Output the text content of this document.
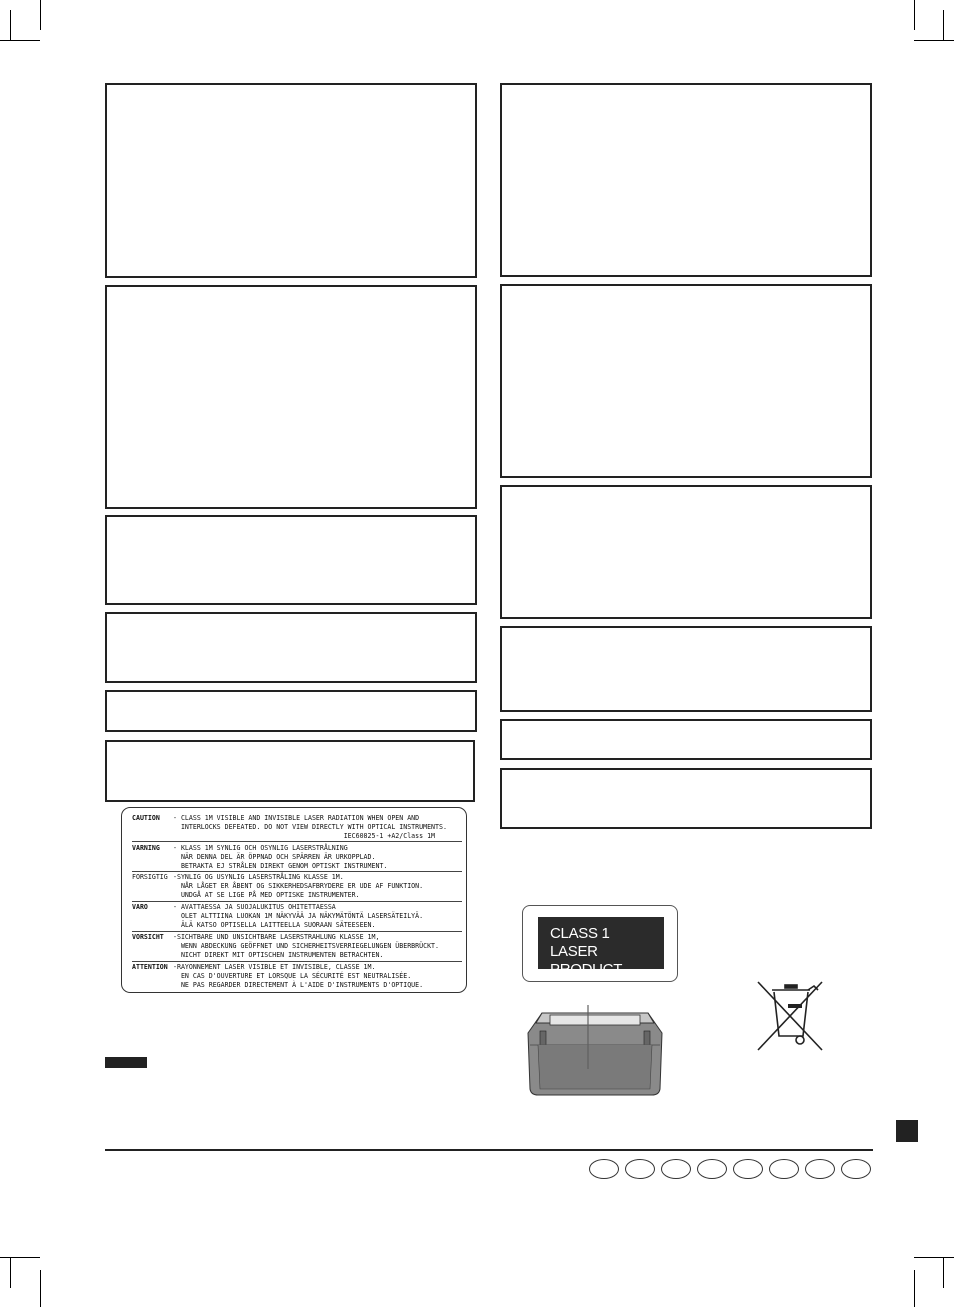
CAUTION	- CLASS 1M VISIBLE AND INVISIBLE LASER RADIATION WHEN OPEN AND
INTERLOCKS DEFEATED. DO NOT VIEW DIRECTLY WITH OPTICAL INSTRUMENTS.
IEC60825-1 +A2/Class 1M
VARNING	- KLASS 1M SYNLIG OCH OSYNLIG LASERSTRÅLNING
NÄR DENNA DEL ÄR ÖPPNAD OCH SPÄRREN ÄR URKOPPLAD.
BETRAKTA EJ STRÅLEN DIREKT GENOM OPTISKT INSTRUMENT.
FORSIGTIG -SYNLIG OG USYNLIG LASERSTRÅLING KLASSE 1M.
NÅR LÅGET ER ÅBENT OG SIKKERHEDSAFBRYDERE ER UDE AF FUNKTION.
UNDGÅ AT SE LIGE PÅ MED OPTISKE INSTRUMENTER.
VARO	- AVATTAESSA JA SUOJALUKITUS OHITETTAESSA
OLET ALTTIINA LUOKAN 1M NÄKYVÄÄ JA NÄKYMÄTÖNTÄ LASERSÄTEILYÄ.
ÄLÄ KATSO OPTISELLA LAITTEELLA SUORAAN SÄTEESEEN.
VORSICHT	-SICHTBARE UND UNSICHTBARE LASERSTRAHLUNG KLASSE 1M,
WENN ABDECKUNG GEÖFFNET UND SICHERHEITSVERRIEGELUNGEN ÜBERBRÜCKT.
NICHT DIREKT MIT OPTISCHEN INSTRUMENTEN BETRACHTEN.
ATTENTION -RAYONNEMENT LASER VISIBLE ET INVISIBLE, CLASSE 1M.
EN CAS D'OUVERTURE ET LORSQUE LA SÉCURITÉ EST NEUTRALISÉE.
NE PAS REGARDER DIRECTEMENT À L'AIDE D'INSTRUMENTS D'OPTIQUE.
CLASS 1
LASER PRODUCT
